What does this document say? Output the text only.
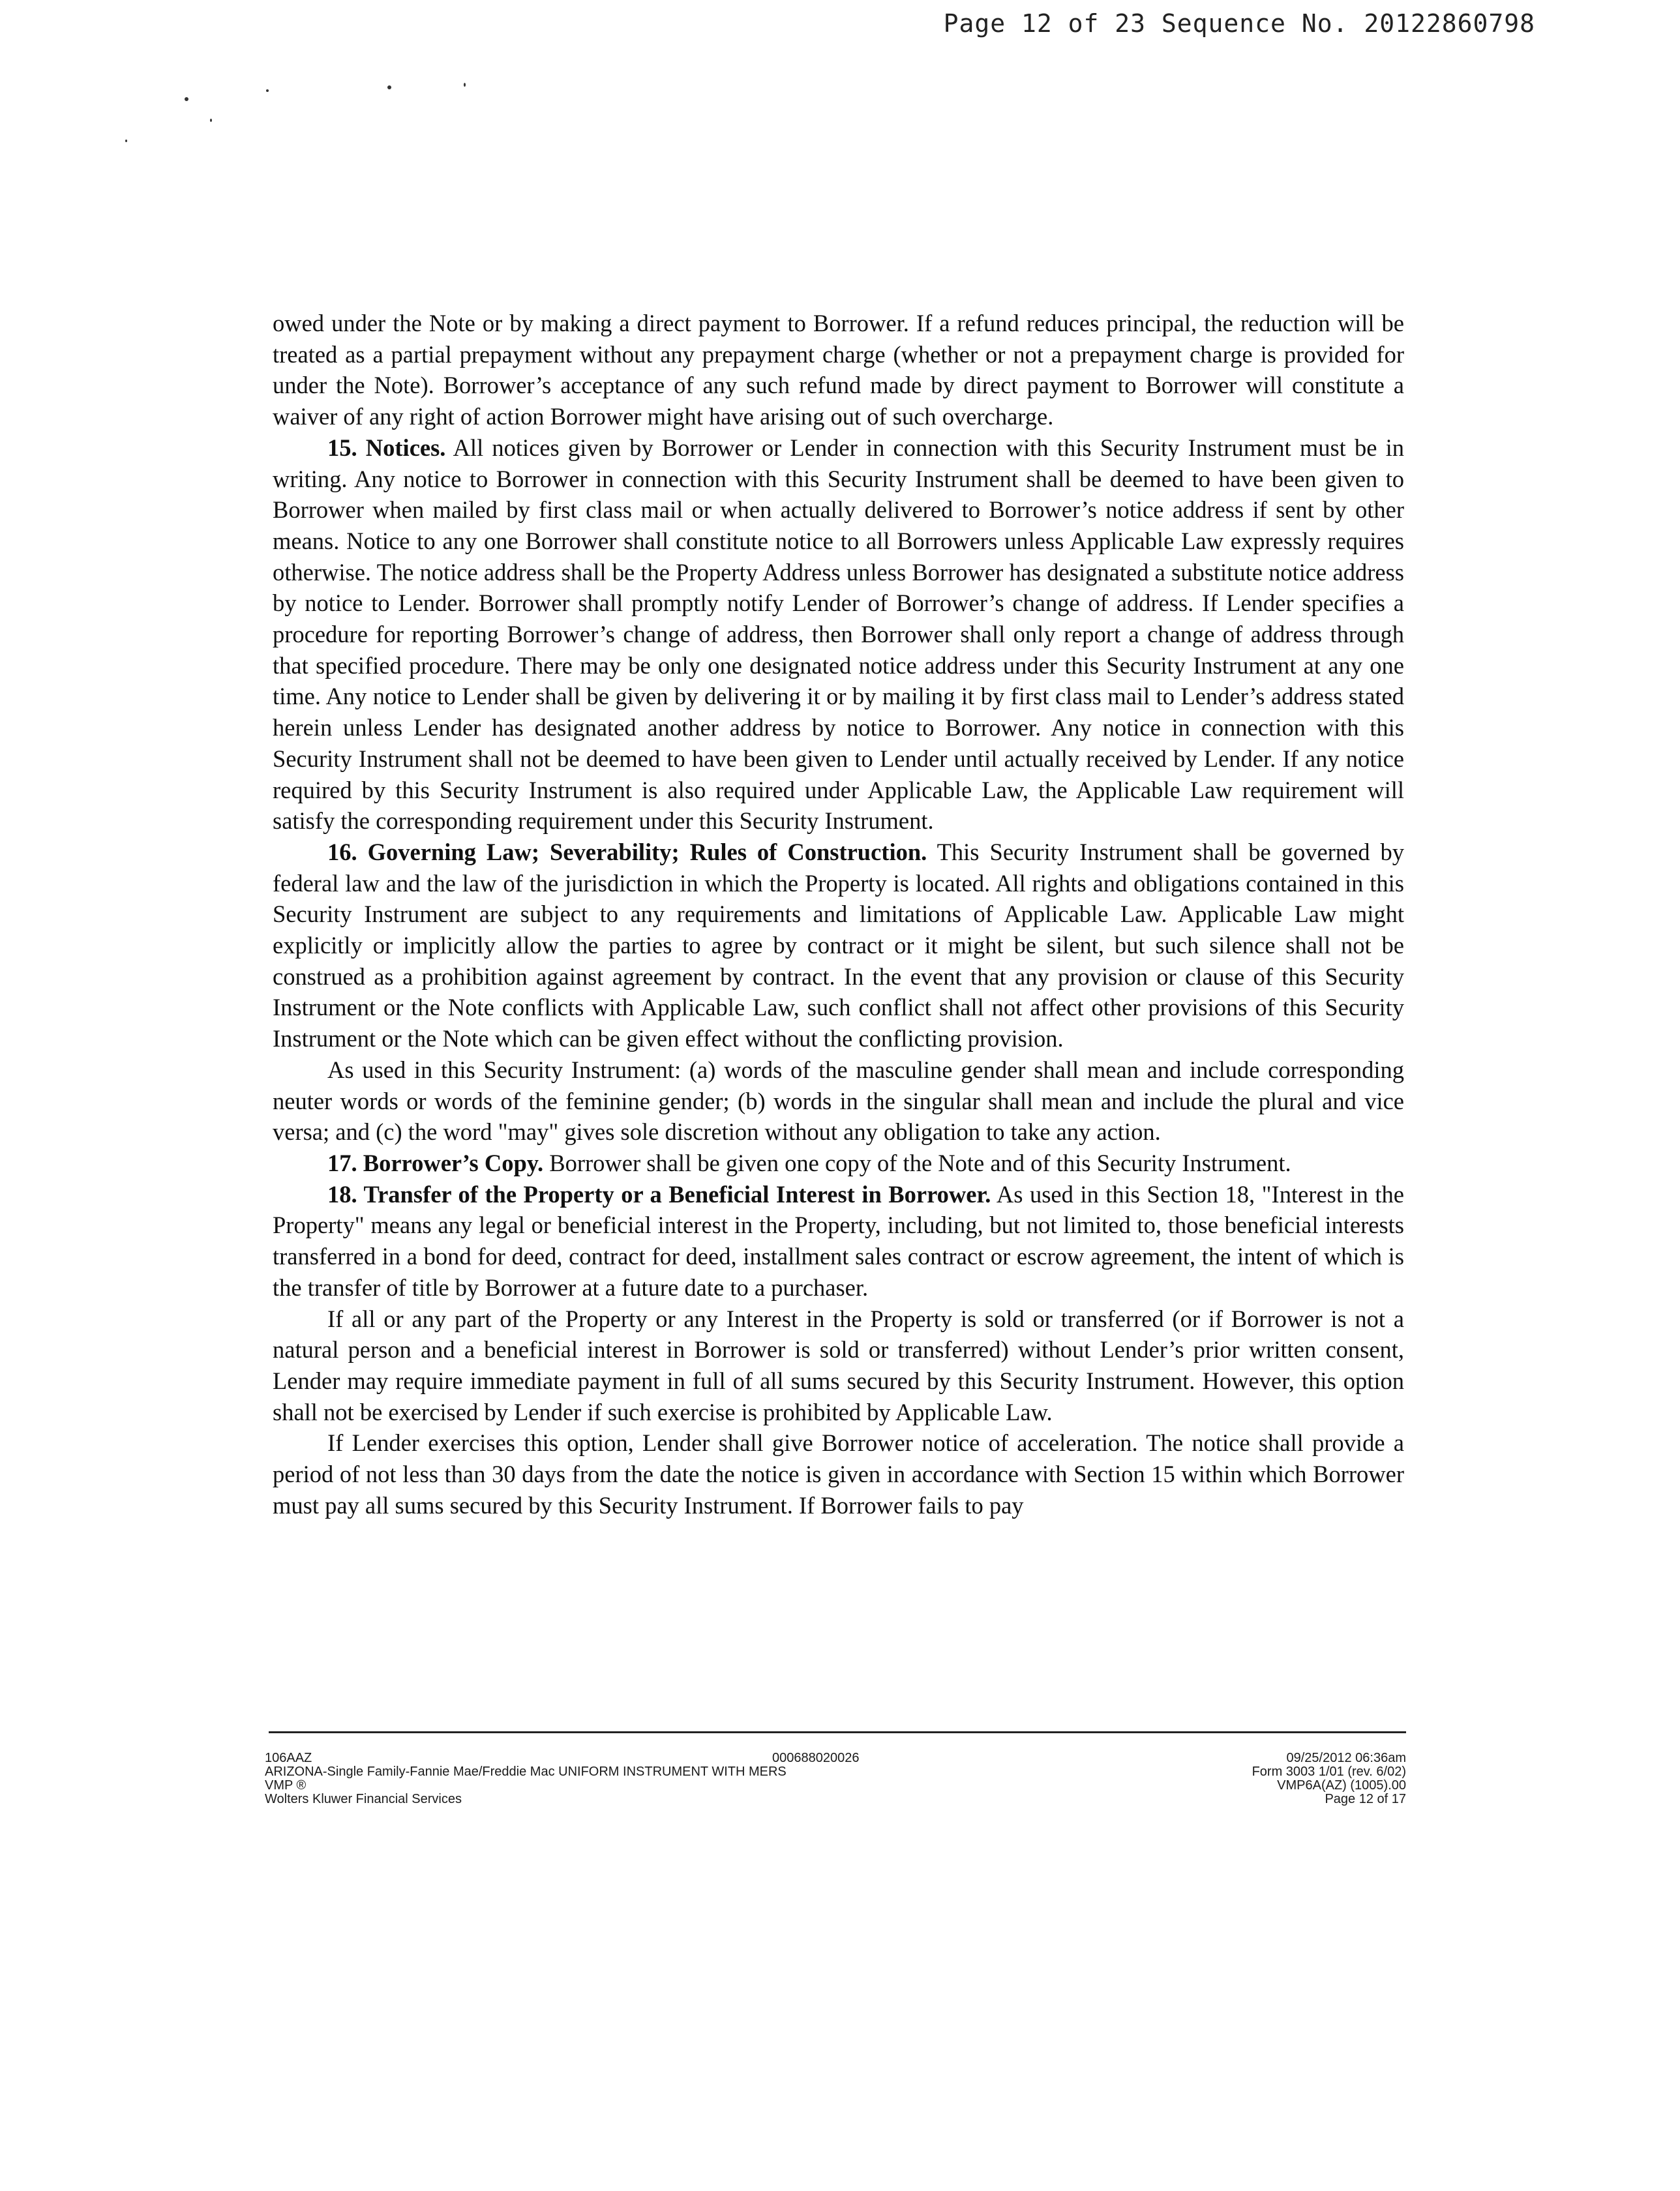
Page 12 of 23 Sequence No. 20122860798

owed under the Note or by making a direct payment to Borrower. If a refund reduces principal, the reduction will be treated as a partial prepayment without any prepayment charge (whether or not a prepayment charge is provided for under the Note). Borrower’s acceptance of any such refund made by direct payment to Borrower will constitute a waiver of any right of action Borrower might have arising out of such overcharge.

15. Notices. All notices given by Borrower or Lender in connection with this Security Instrument must be in writing. Any notice to Borrower in connection with this Security Instrument shall be deemed to have been given to Borrower when mailed by first class mail or when actually delivered to Borrower’s notice address if sent by other means. Notice to any one Borrower shall constitute notice to all Borrowers unless Applicable Law expressly requires otherwise. The notice address shall be the Property Address unless Borrower has designated a substitute notice address by notice to Lender. Borrower shall promptly notify Lender of Borrower’s change of address. If Lender specifies a procedure for reporting Borrower’s change of address, then Borrower shall only report a change of address through that specified procedure. There may be only one designated notice address under this Security Instrument at any one time. Any notice to Lender shall be given by delivering it or by mailing it by first class mail to Lender’s address stated herein unless Lender has designated another address by notice to Borrower. Any notice in connection with this Security Instrument shall not be deemed to have been given to Lender until actually received by Lender. If any notice required by this Security Instrument is also required under Applicable Law, the Applicable Law requirement will satisfy the corresponding requirement under this Security Instrument.

16. Governing Law; Severability; Rules of Construction. This Security Instrument shall be governed by federal law and the law of the jurisdiction in which the Property is located. All rights and obligations contained in this Security Instrument are subject to any requirements and limitations of Applicable Law. Applicable Law might explicitly or implicitly allow the parties to agree by contract or it might be silent, but such silence shall not be construed as a prohibition against agreement by contract. In the event that any provision or clause of this Security Instrument or the Note conflicts with Applicable Law, such conflict shall not affect other provisions of this Security Instrument or the Note which can be given effect without the conflicting provision.

As used in this Security Instrument: (a) words of the masculine gender shall mean and include corresponding neuter words or words of the feminine gender; (b) words in the singular shall mean and include the plural and vice versa; and (c) the word "may" gives sole discretion without any obligation to take any action.

17. Borrower’s Copy. Borrower shall be given one copy of the Note and of this Security Instrument.

18. Transfer of the Property or a Beneficial Interest in Borrower. As used in this Section 18, "Interest in the Property" means any legal or beneficial interest in the Property, including, but not limited to, those beneficial interests transferred in a bond for deed, contract for deed, installment sales contract or escrow agreement, the intent of which is the transfer of title by Borrower at a future date to a purchaser.

If all or any part of the Property or any Interest in the Property is sold or transferred (or if Borrower is not a natural person and a beneficial interest in Borrower is sold or transferred) without Lender’s prior written consent, Lender may require immediate payment in full of all sums secured by this Security Instrument. However, this option shall not be exercised by Lender if such exercise is prohibited by Applicable Law.

If Lender exercises this option, Lender shall give Borrower notice of acceleration. The notice shall provide a period of not less than 30 days from the date the notice is given in accordance with Section 15 within which Borrower must pay all sums secured by this Security Instrument. If Borrower fails to pay

106AAZ
ARIZONA-Single Family-Fannie Mae/Freddie Mac UNIFORM INSTRUMENT WITH MERS
VMP ®
Wolters Kluwer Financial Services
000688020026	09/25/2012 06:36am
Form 3003 1/01 (rev. 6/02)
VMP6A(AZ) (1005).00
Page 12 of 17
